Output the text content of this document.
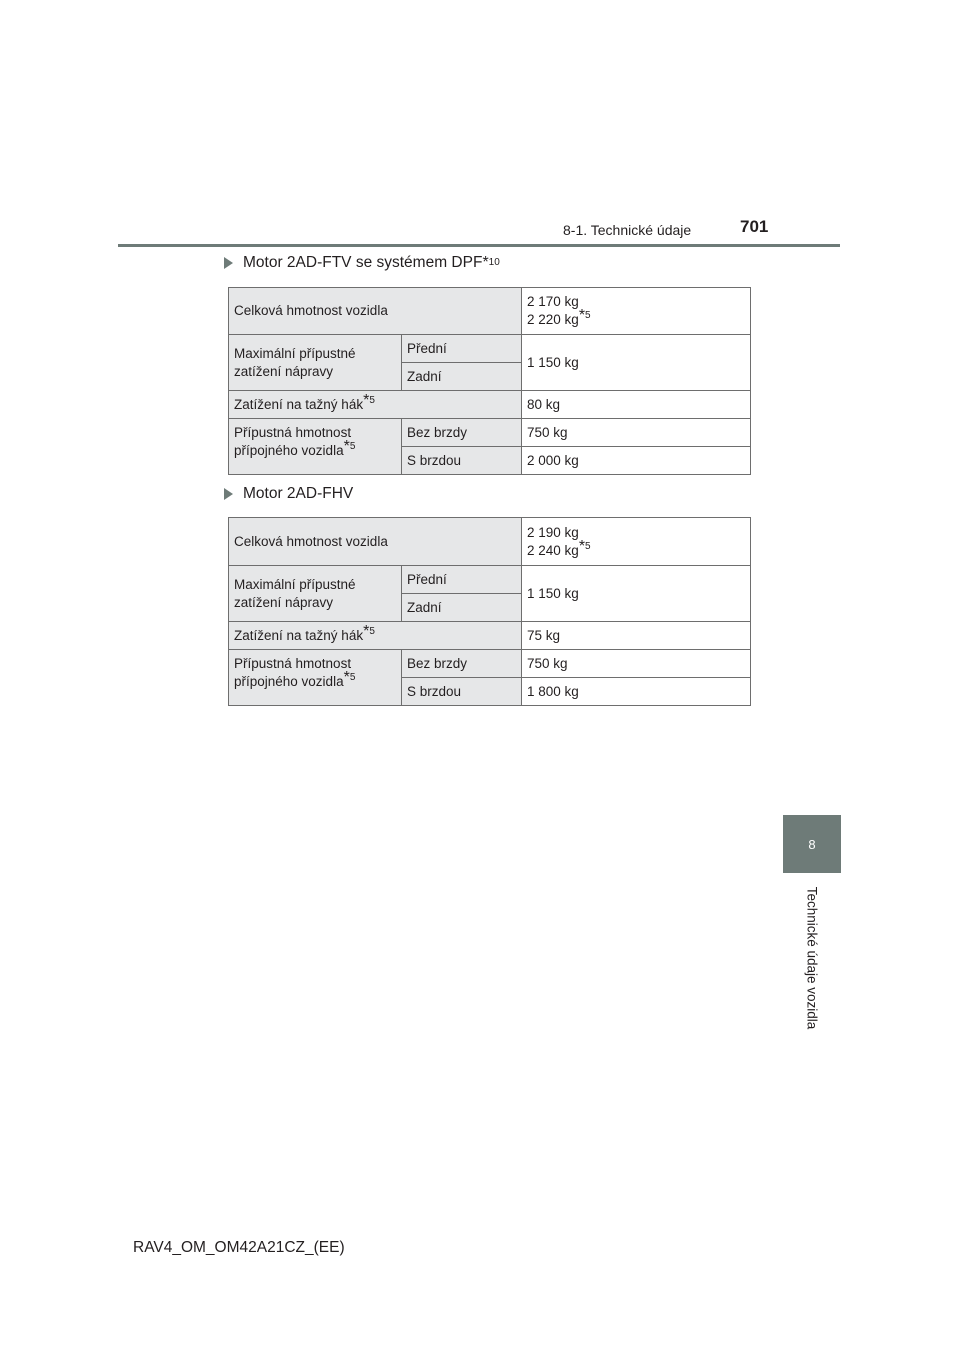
8-1. Technické údaje	701
Motor 2AD-FTV se systémem DPF *10
Celková hmotnost vozidla		2 170 kg
2 220 $kg^{*5}$
Maximální přípustné zatížení nápravy	Přední	1 150 kg
	Zadní	
Zatížení na tažný hák$^{*5}$		80 kg
Přípustná hmotnost přípojného vozidla$^{*5}$	Bez brzdy	750 kg
	S brzdou	2 000 kg
Motor 2AD-FHV
Celková hmotnost vozidla		2 190 kg
2 240 $kg^{*5}$
Maximální přípustné zatížení nápravy	Přední	1 150 kg
	Zadní	
Zatížení na tažný hák$^{*5}$		75 kg
Přípustná hmotnost přípojného vozidla$^{*5}$	Bez brzdy	750 kg
	S brzdou	1 800 kg
8
Technické údaje vozidla
RAV4_OM_OM42A21CZ_(EE)
